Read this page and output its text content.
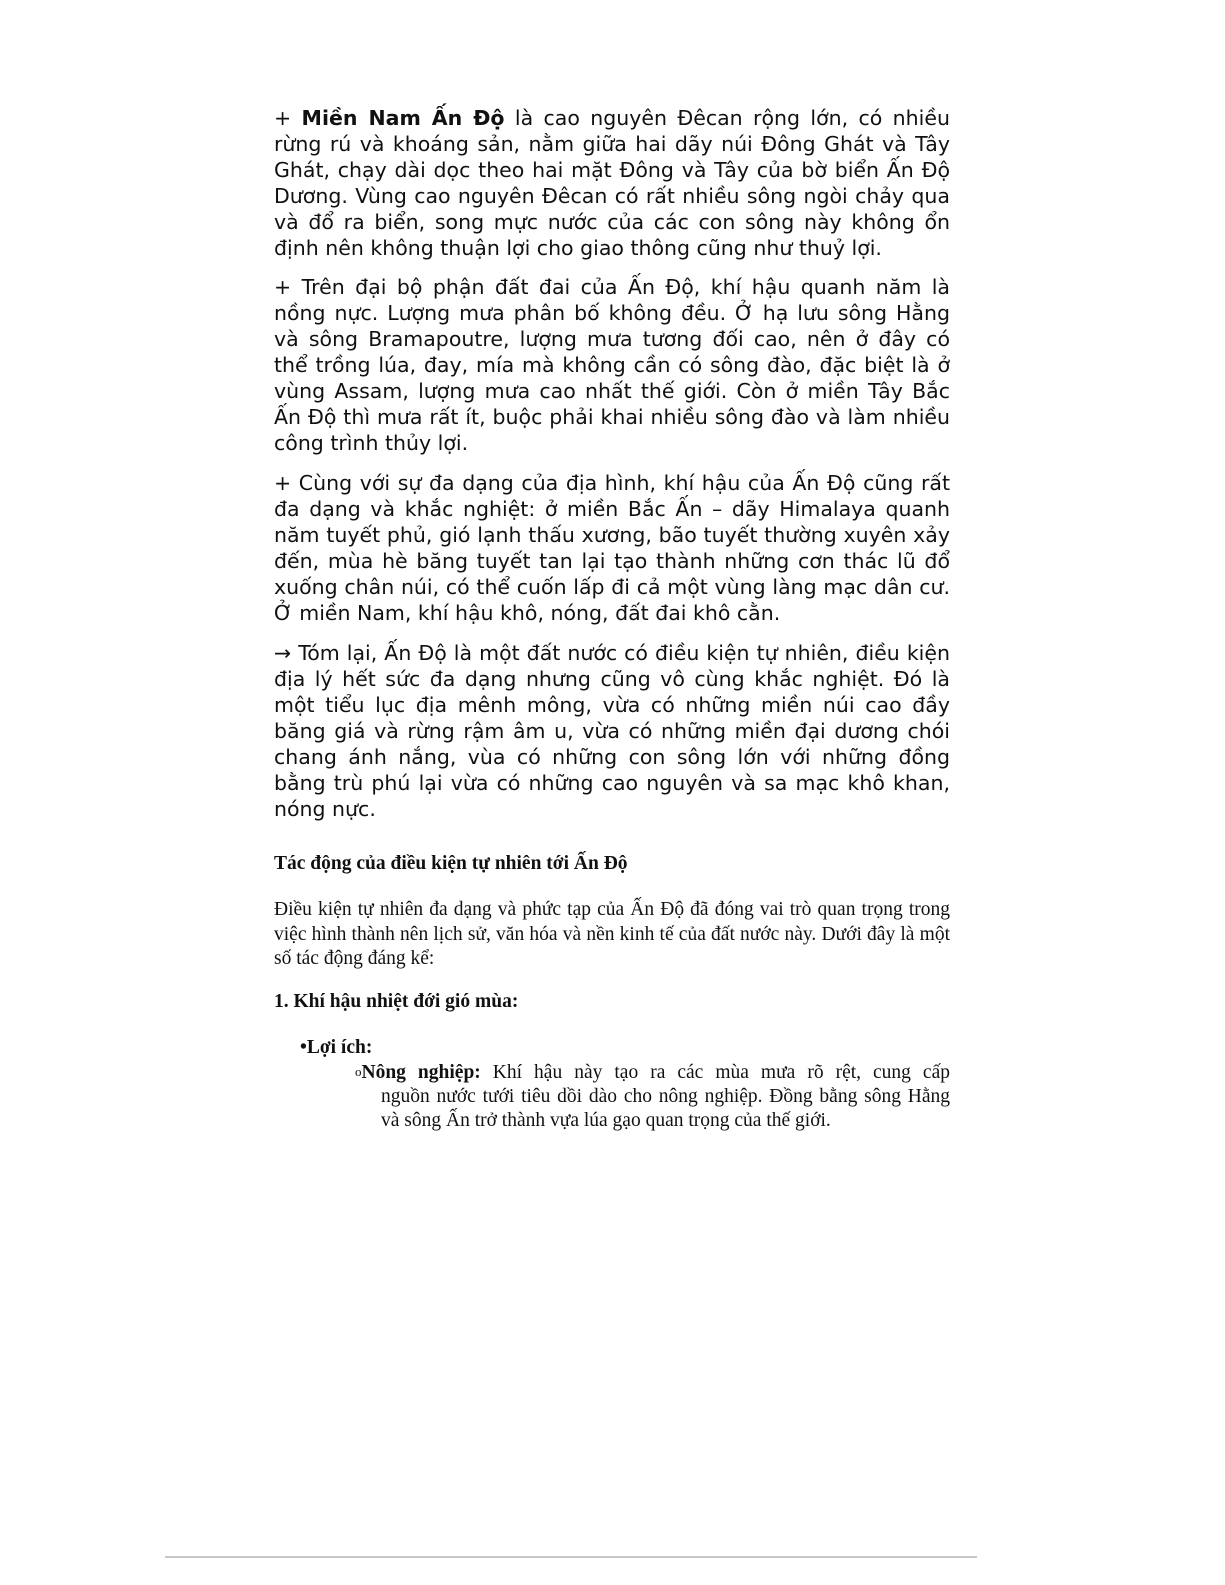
+ Miền Nam Ấn Độ là cao nguyên Đêcan rộng lớn, có nhiều rừng rú và khoáng sản, nằm giữa hai dãy núi Đông Ghát và Tây Ghát, chạy dài dọc theo hai mặt Đông và Tây của bờ biển Ấn Độ Dương. Vùng cao nguyên Đêcan có rất nhiều sông ngòi chảy qua và đổ ra biển, song mực nước của các con sông này không ổn định nên không thuận lợi cho giao thông cũng như thuỷ lợi.

+ Trên đại bộ phận đất đai của Ấn Độ, khí hậu quanh năm là nồng nực. Lượng mưa phân bố không đều. Ở hạ lưu sông Hằng và sông Bramapoutre, lượng mưa tương đối cao, nên ở đây có thể trồng lúa, đay, mía mà không cần có sông đào, đặc biệt là ở vùng Assam, lượng mưa cao nhất thế giới. Còn ở miền Tây Bắc Ấn Độ thì mưa rất ít, buộc phải khai nhiều sông đào và làm nhiều công trình thủy lợi.

+ Cùng với sự đa dạng của địa hình, khí hậu của Ấn Độ cũng rất đa dạng và khắc nghiệt: ở miền Bắc Ấn – dãy Himalaya quanh năm tuyết phủ, gió lạnh thấu xương, bão tuyết thường xuyên xảy đến, mùa hè băng tuyết tan lại tạo thành những cơn thác lũ đổ xuống chân núi, có thể cuốn lấp đi cả một vùng làng mạc dân cư. Ở miền Nam, khí hậu khô, nóng, đất đai khô cằn.

→ Tóm lại, Ấn Độ là một đất nước có điều kiện tự nhiên, điều kiện địa lý hết sức đa dạng nhưng cũng vô cùng khắc nghiệt. Đó là một tiểu lục địa mênh mông, vừa có những miền núi cao đầy băng giá và rừng rậm âm u, vừa có những miền đại dương chói chang ánh nắng, vùa có những con sông lớn với những đồng bằng trù phú lại vừa có những cao nguyên và sa mạc khô khan, nóng nực.

Tác động của điều kiện tự nhiên tới Ấn Độ

Điều kiện tự nhiên đa dạng và phức tạp của Ấn Độ đã đóng vai trò quan trọng trong việc hình thành nên lịch sử, văn hóa và nền kinh tế của đất nước này. Dưới đây là một số tác động đáng kể:

1. Khí hậu nhiệt đới gió mùa:
•Lợi ích:
oNông nghiệp: Khí hậu này tạo ra các mùa mưa rõ rệt, cung cấp
nguồn nước tưới tiêu dồi dào cho nông nghiệp. Đồng bằng sông Hằng và sông Ấn trở thành vựa lúa gạo quan trọng của thế giới.
